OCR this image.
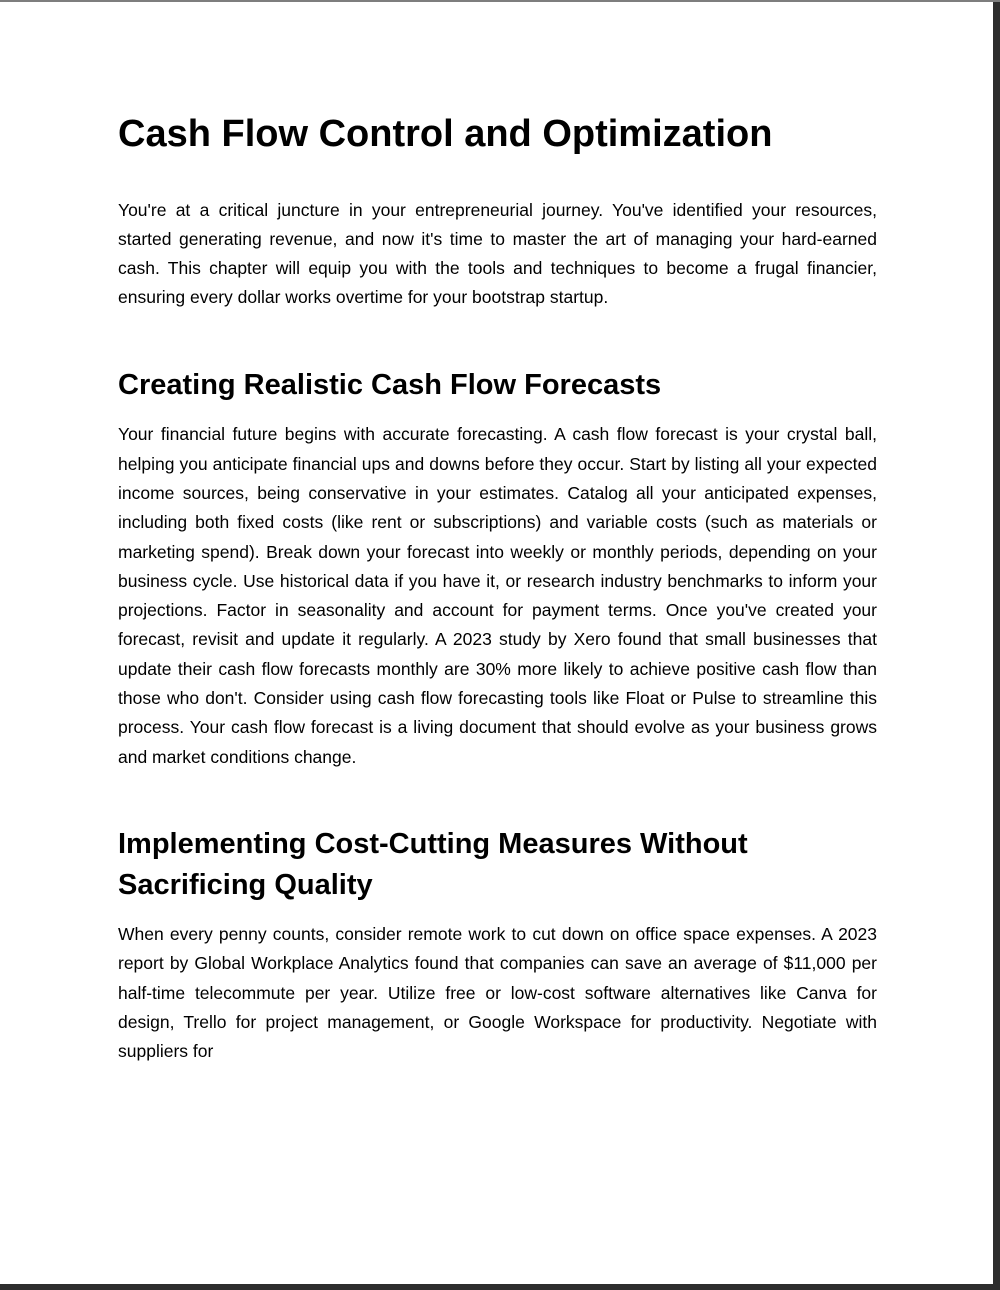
Cash Flow Control and Optimization

You're at a critical juncture in your entrepreneurial journey. You've identified your resources, started generating revenue, and now it's time to master the art of managing your hard-earned cash. This chapter will equip you with the tools and techniques to become a frugal financier, ensuring every dollar works overtime for your bootstrap startup.

Creating Realistic Cash Flow Forecasts

Your financial future begins with accurate forecasting. A cash flow forecast is your crystal ball, helping you anticipate financial ups and downs before they occur. Start by listing all your expected income sources, being conservative in your estimates. Catalog all your anticipated expenses, including both fixed costs (like rent or subscriptions) and variable costs (such as materials or marketing spend). Break down your forecast into weekly or monthly periods, depending on your business cycle. Use historical data if you have it, or research industry benchmarks to inform your projections. Factor in seasonality and account for payment terms. Once you've created your forecast, revisit and update it regularly. A 2023 study by Xero found that small businesses that update their cash flow forecasts monthly are 30% more likely to achieve positive cash flow than those who don't. Consider using cash flow forecasting tools like Float or Pulse to streamline this process. Your cash flow forecast is a living document that should evolve as your business grows and market conditions change.

Implementing Cost-Cutting Measures Without Sacrificing Quality

When every penny counts, consider remote work to cut down on office space expenses. A 2023 report by Global Workplace Analytics found that companies can save an average of $11,000 per half-time telecommute per year. Utilize free or low-cost software alternatives like Canva for design, Trello for project management, or Google Workspace for productivity. Negotiate with suppliers for
